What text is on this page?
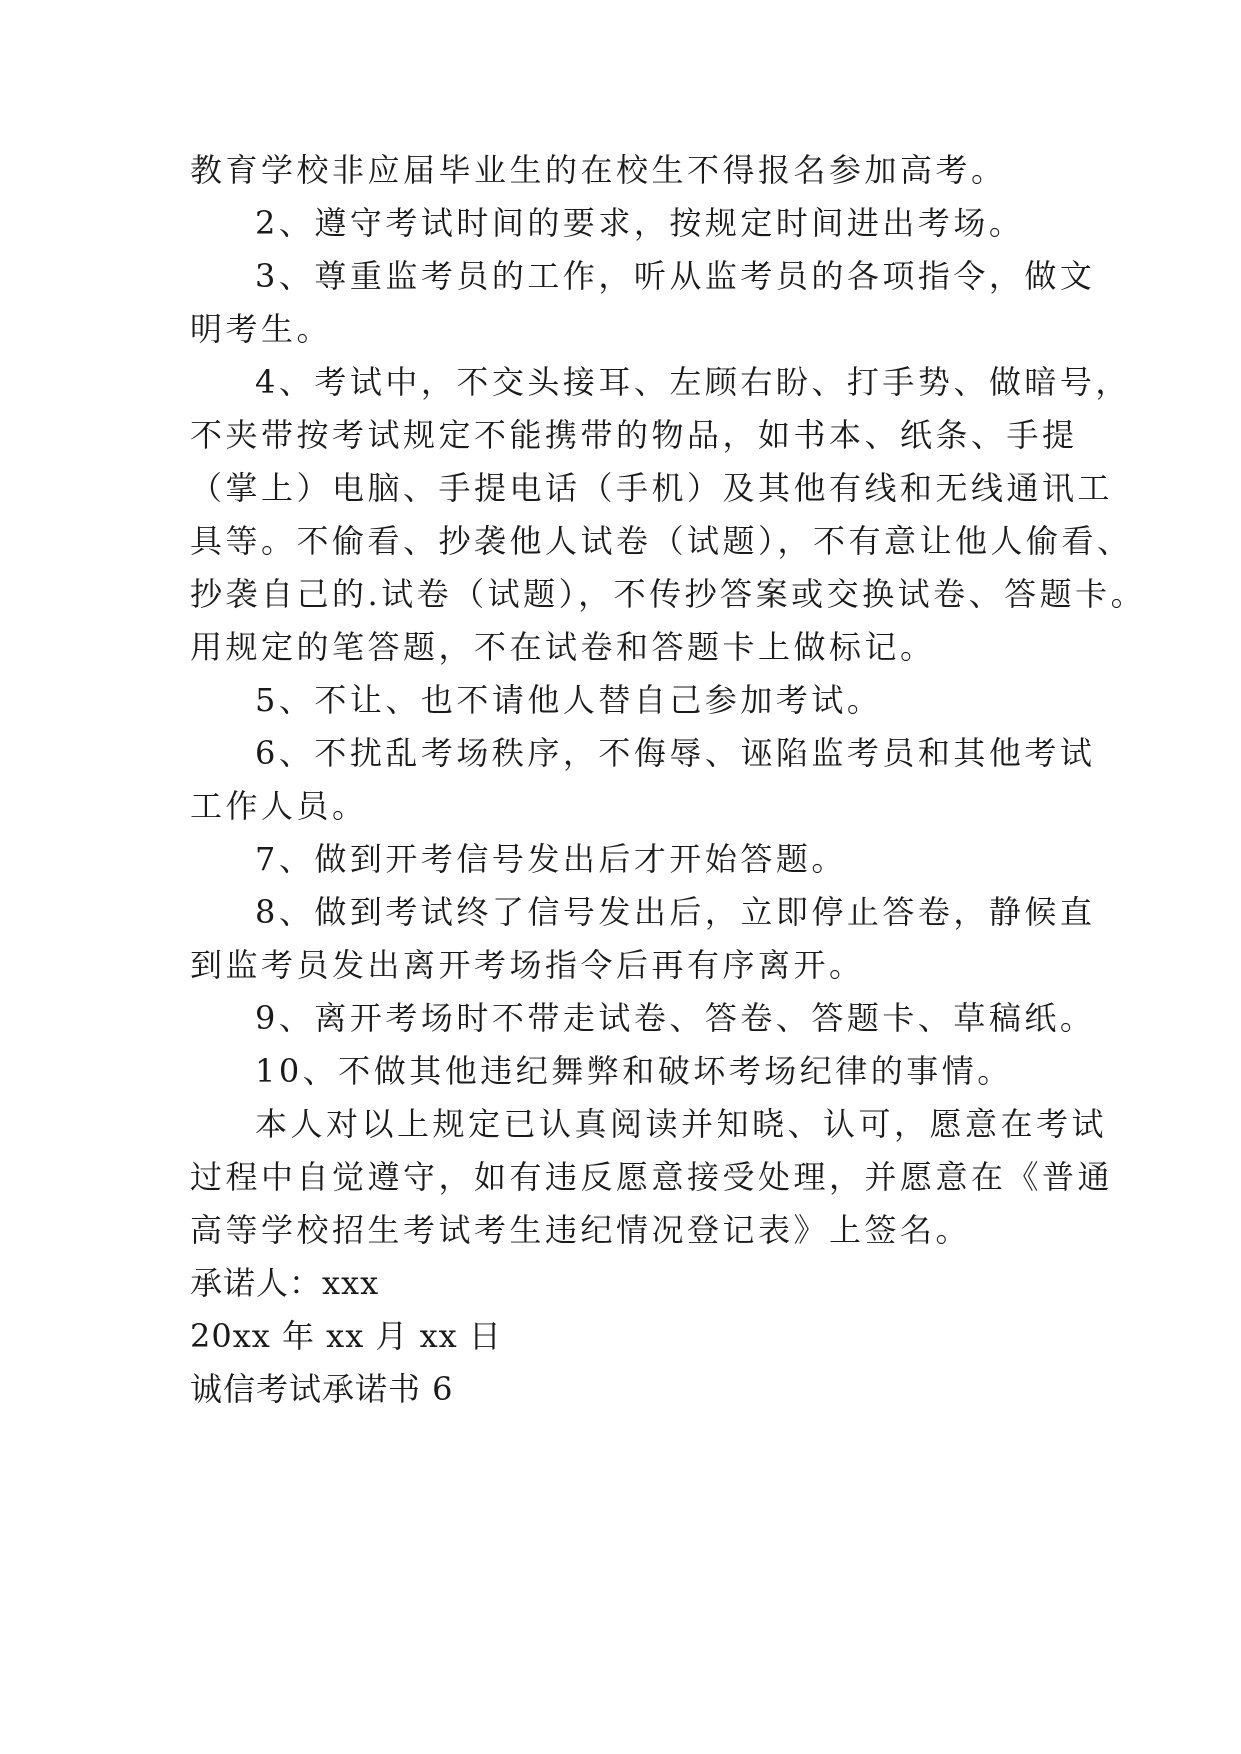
教育学校非应届毕业生的在校生不得报名参加高考。
2、遵守考试时间的要求，按规定时间进出考场。
3、尊重监考员的工作，听从监考员的各项指令，做文
明考生。
4、考试中，不交头接耳、左顾右盼、打手势、做暗号，
不夹带按考试规定不能携带的物品，如书本、纸条、手提
（掌上）电脑、手提电话（手机）及其他有线和无线通讯工
具等。不偷看、抄袭他人试卷（试题），不有意让他人偷看、
抄袭自己的.试卷（试题），不传抄答案或交换试卷、答题卡。
用规定的笔答题，不在试卷和答题卡上做标记。
5、不让、也不请他人替自己参加考试。
6、不扰乱考场秩序，不侮辱、诬陷监考员和其他考试
工作人员。
7、做到开考信号发出后才开始答题。
8、做到考试终了信号发出后，立即停止答卷，静候直
到监考员发出离开考场指令后再有序离开。
9、离开考场时不带走试卷、答卷、答题卡、草稿纸。
10、不做其他违纪舞弊和破坏考场纪律的事情。
本人对以上规定已认真阅读并知晓、认可，愿意在考试
过程中自觉遵守，如有违反愿意接受处理，并愿意在《普通
高等学校招生考试考生违纪情况登记表》上签名。
承诺人：xxx
20xx 年 xx 月 xx 日
诚信考试承诺书 6
